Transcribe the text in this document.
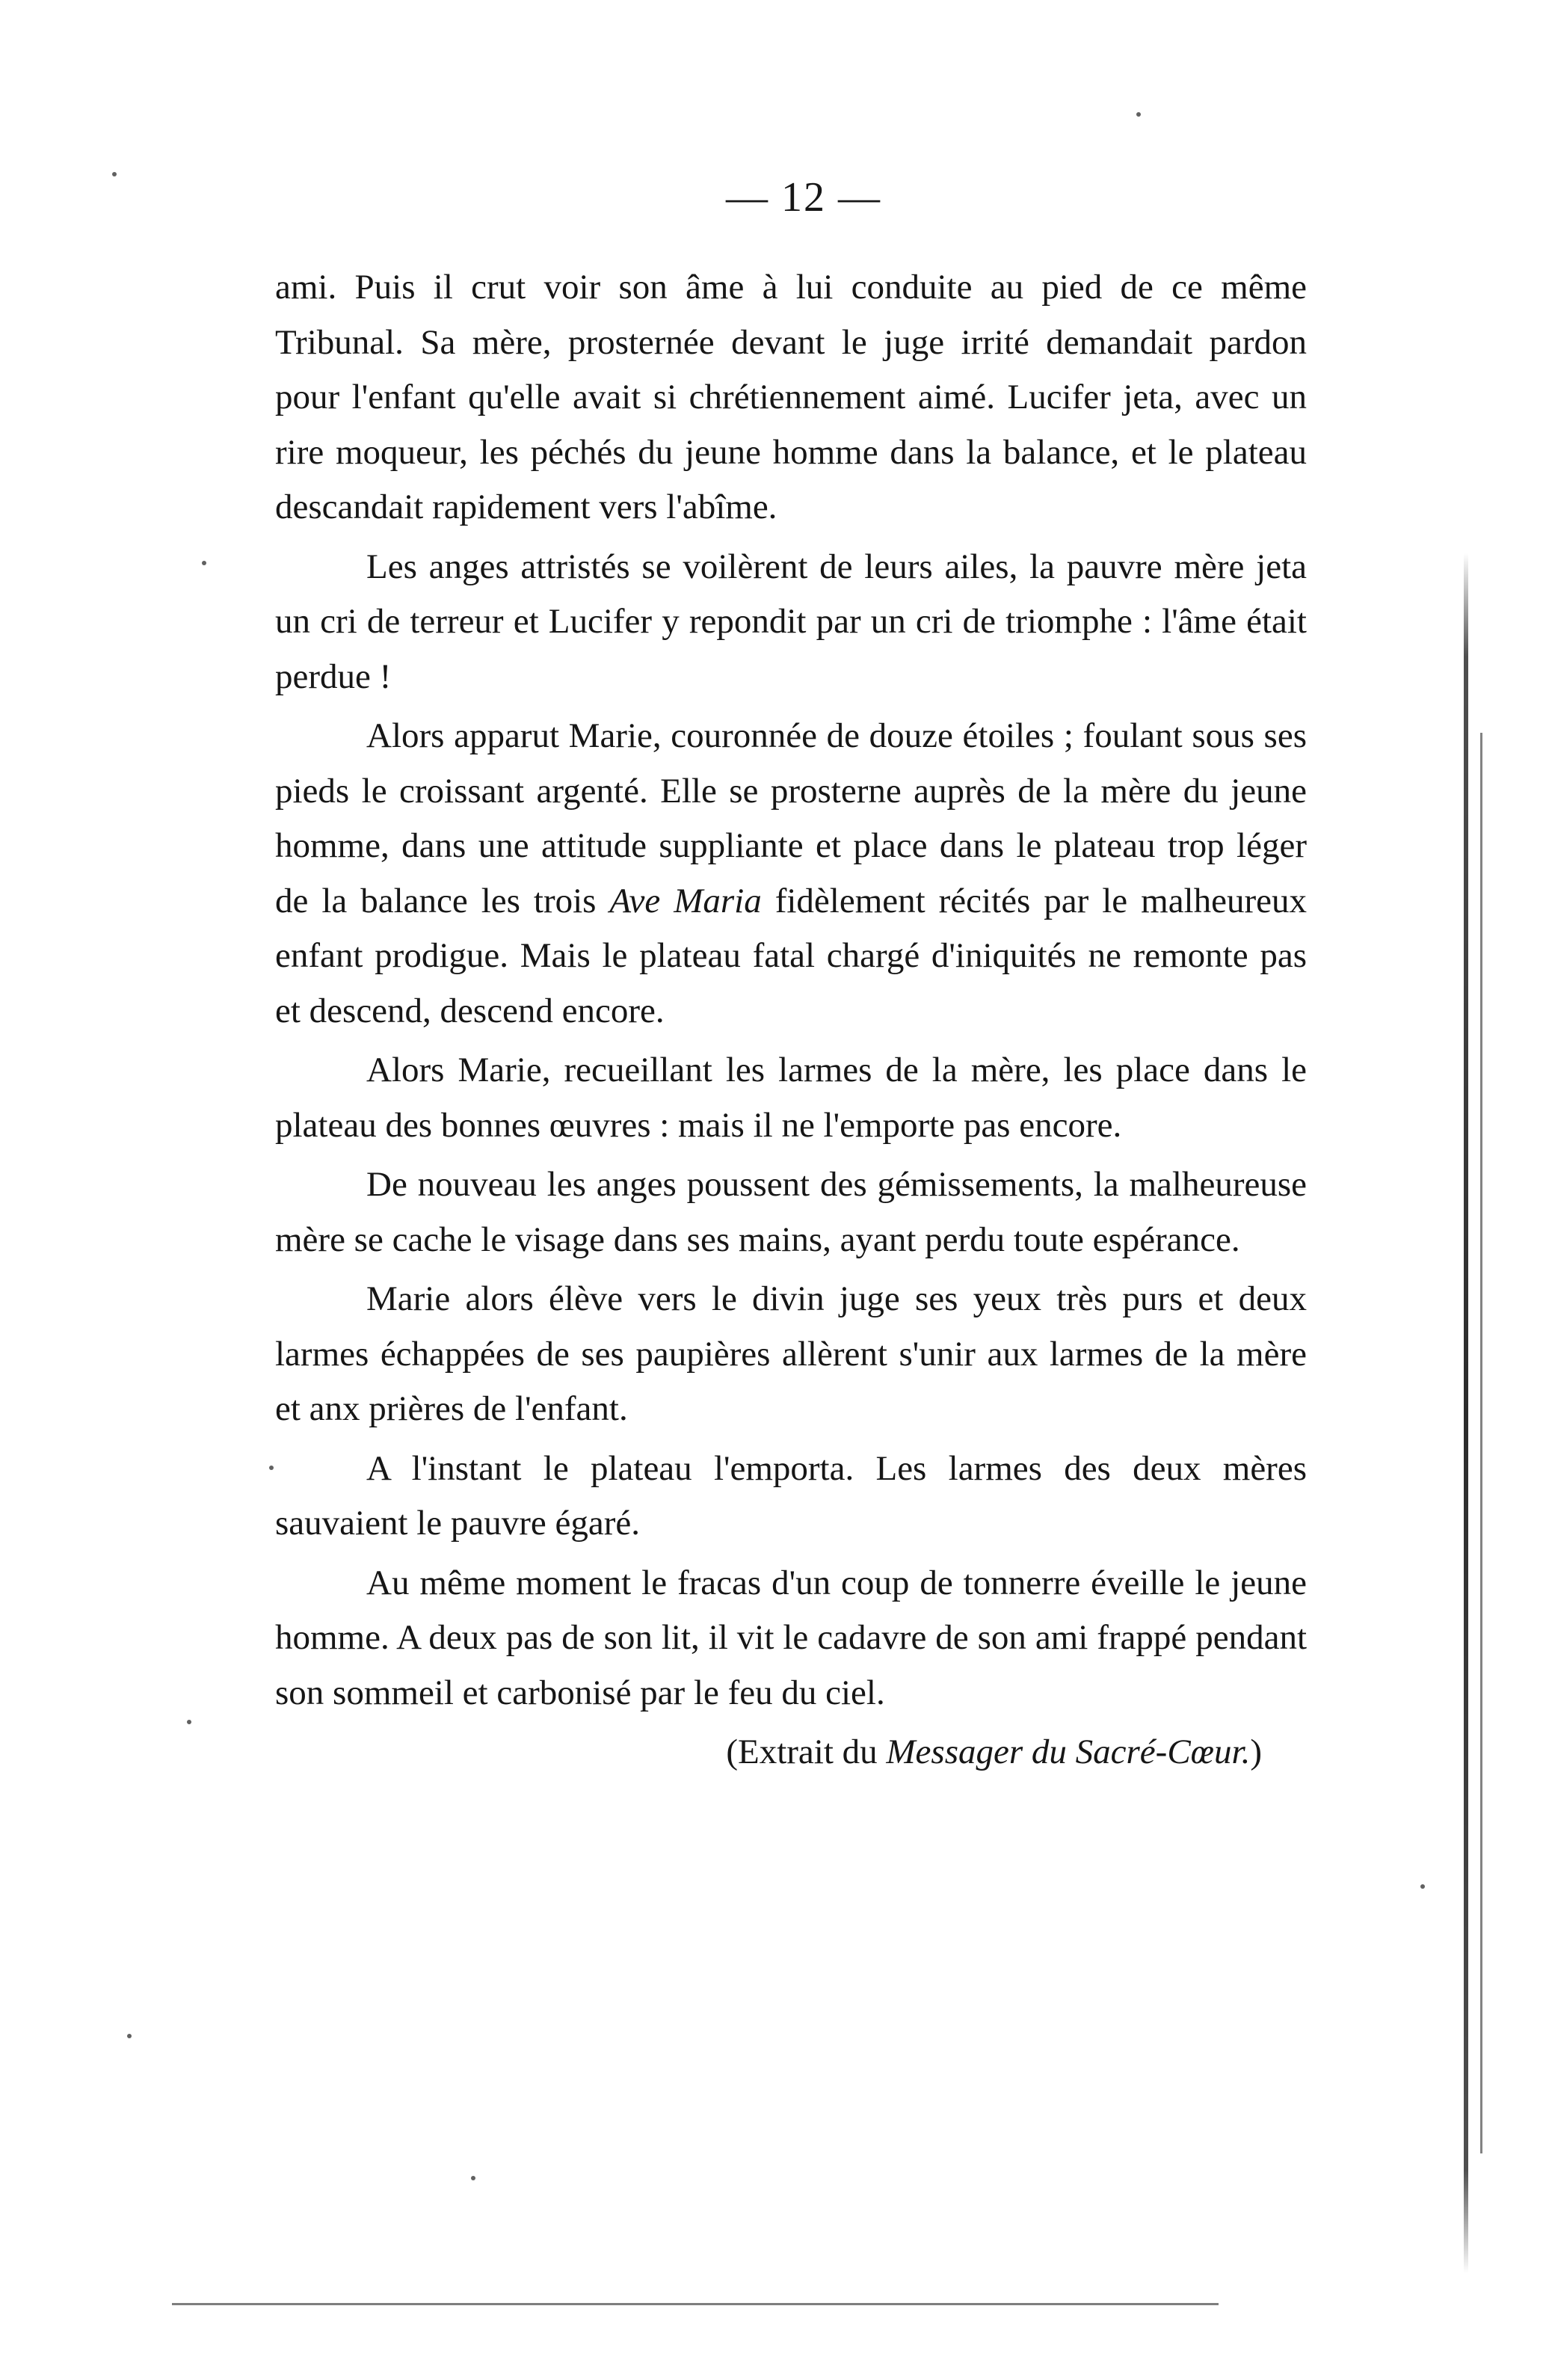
— 12 —

ami. Puis il crut voir son âme à lui conduite au pied de ce même Tribunal. Sa mère, prosternée devant le juge irrité demandait pardon pour l'enfant qu'elle avait si chrétiennement aimé. Lucifer jeta, avec un rire moqueur, les péchés du jeune homme dans la balance, et le plateau descandait rapidement vers l'abîme.

Les anges attristés se voilèrent de leurs ailes, la pauvre mère jeta un cri de terreur et Lucifer y repondit par un cri de triomphe : l'âme était perdue !

Alors apparut Marie, couronnée de douze étoiles ; foulant sous ses pieds le croissant argenté. Elle se prosterne auprès de la mère du jeune homme, dans une attitude suppliante et place dans le plateau trop léger de la balance les trois Ave Maria fidèlement récités par le malheureux enfant prodigue. Mais le plateau fatal chargé d'iniquités ne remonte pas et descend, descend encore.

Alors Marie, recueillant les larmes de la mère, les place dans le plateau des bonnes œuvres : mais il ne l'emporte pas encore.

De nouveau les anges poussent des gémissements, la malheureuse mère se cache le visage dans ses mains, ayant perdu toute espérance.

Marie alors élève vers le divin juge ses yeux très purs et deux larmes échappées de ses paupières allèrent s'unir aux larmes de la mère et anx prières de l'enfant.

A l'instant le plateau l'emporta. Les larmes des deux mères sauvaient le pauvre égaré.

Au même moment le fracas d'un coup de tonnerre éveille le jeune homme. A deux pas de son lit, il vit le cadavre de son ami frappé pendant son sommeil et carbonisé par le feu du ciel.

(Extrait du Messager du Sacré-Cœur.)
